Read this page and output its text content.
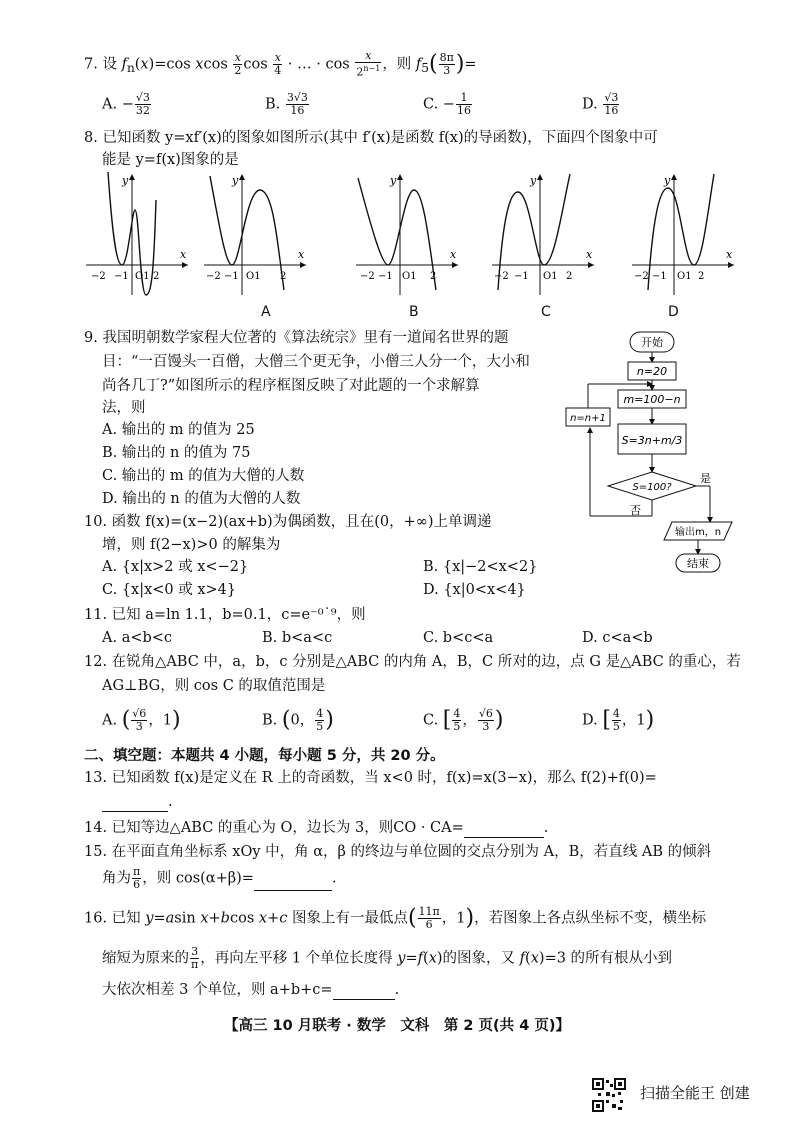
7. 设 $f_n(x)=\cos$ xcos $\frac{x}{2}$ $\cos \frac{x}{4}$ · … · $\cos \frac{x}{2^{n-1}}$ ，则 $f_5( \frac{8\pi}{3}$ )=
A. − $\frac{√3}{32}$	B. $\frac{3√3}{16}$	C. − $\frac{1}{16}$	D. $\frac{√3}{16}$
8. 已知函数 y=xf′(x)的图象如图所示(其中 f′(x)是函数 f(x)的导函数)，下面四个图象中可
能是 y=f(x)图象的是
y
x
−2 −1 O1 2
y
x
−2 −1 O1 2
y
x
−2 −1 O1 2
y
x
−2 −1 O1 2
y
x
−2 −1 O1 2
A	B	C	D
9. 我国明朝数学家程大位著的《算法统宗》里有一道闻名世界的题
目：“一百馒头一百僧，大僧三个更无争，小僧三人分一个，大小和
尚各几丁?”如图所示的程序框图反映了对此题的一个求解算
法，则
A. 输出的 m 的值为 25
B. 输出的 n 的值为 75
C. 输出的 m 的值为大僧的人数
D. 输出的 n 的值为大僧的人数
开始
n=20
m=100−n
S=3n+m/3
S=100?
是
否
n=n+1
输出m，n
结束
10. 函数 f(x)=(x−2)(ax+b)为偶函数，且在(0，+∞)上单调递
增，则 f(2−x)>0 的解集为
A. {x|x>2 或 x<−2}	B. {x|−2<x<2}
C. {x|x<0 或 x>4}	D. {x|0<x<4}
11. 已知 a=ln 1.1，b=0.1，c=e⁻⁰˙⁹，则
A. a<b<c	B. b<a<c	C. b<c<a	D. c<a<b
12. 在锐角△ABC 中，a，b，c 分别是△ABC 的内角 A，B，C 所对的边，点 G 是△ABC 的重心，若
AG⊥BG，则 cos C 的取值范围是
A. ( $\frac{√6}{3}$ ，1)	B. (0， $\frac{4}{5}$ )	C. [ $\frac{4}{5}$ ， $\frac{√6}{3}$ )	D. [ $\frac{4}{5}$ ，1)
二、填空题：本题共 4 小题，每小题 5 分，共 20 分。
13. 已知函数 f(x)是定义在 R 上的奇函数，当 x<0 时，f(x)=x(3−x)，那么 f(2)+f(0)=
.
14. 已知等边△ABC 的重心为 O，边长为 3，则CO · CA=	.
15. 在平面直角坐标系 xOy 中，角 α，β 的终边与单位圆的交点分别为 A，B，若直线 AB 的倾斜
角为 $\frac{\pi}{6}$ ，则 cos(α+β)=	.
16. 已知 y=asin x+bcos x+c 图象上有一最低点( $\frac{11\pi}{6}$ ，1)，若图象上各点纵坐标不变，横坐标
缩短为原来的 $\frac{3}{\pi}$ ，再向左平移 1 个单位长度得 y=f(x)的图象，又 f(x)=3 的所有根从小到
大依次相差 3 个单位，则 a+b+c=	.
【高三 10 月联考 · 数学　文科　第 2 页(共 4 页)】
扫描全能王 创建
